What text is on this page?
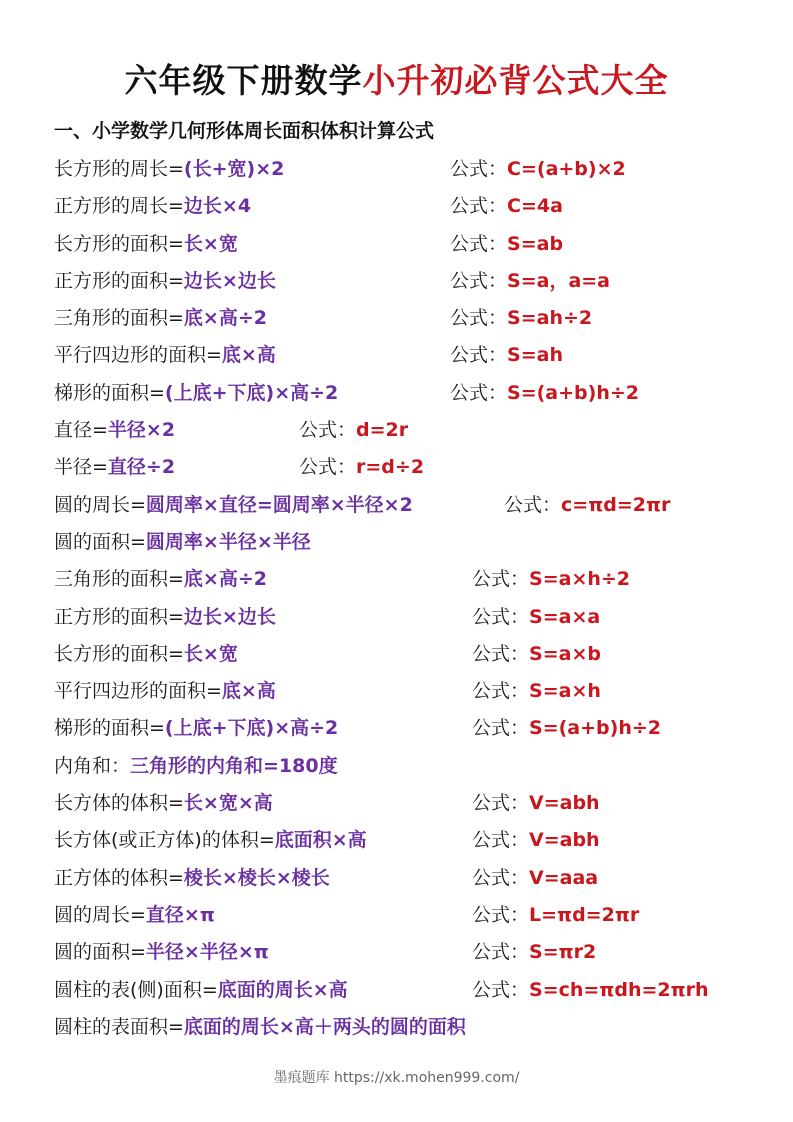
六年级下册数学小升初必背公式大全
一、小学数学几何形体周长面积体积计算公式
长方形的周长=(长+宽)×2	公式：C=(a+b)×2
正方形的周长=边长×4	公式：C=4a
长方形的面积=长×宽	公式：S=ab
正方形的面积=边长×边长	公式：S=a，a=a
三角形的面积=底×高÷2	公式：S=ah÷2
平行四边形的面积=底×高	公式：S=ah
梯形的面积=(上底+下底)×高÷2	公式：S=(a+b)h÷2
直径=半径×2	公式：d=2r
半径=直径÷2	公式：r=d÷2
圆的周长=圆周率×直径=圆周率×半径×2	公式：c=πd=2πr
圆的面积=圆周率×半径×半径
三角形的面积=底×高÷2	公式：S=a×h÷2
正方形的面积=边长×边长	公式：S=a×a
长方形的面积=长×宽	公式：S=a×b
平行四边形的面积=底×高	公式：S=a×h
梯形的面积=(上底+下底)×高÷2	公式：S=(a+b)h÷2
内角和：三角形的内角和=180度
长方体的体积=长×宽×高	公式：V=abh
长方体(或正方体)的体积=底面积×高	公式：V=abh
正方体的体积=棱长×棱长×棱长	公式：V=aaa
圆的周长=直径×π	公式：L=πd=2πr
圆的面积=半径×半径×π	公式：S=πr2
圆柱的表(侧)面积=底面的周长×高	公式：S=ch=πdh=2πrh
圆柱的表面积=底面的周长×高＋两头的圆的面积
墨痕题库 https://xk.mohen999.com/
